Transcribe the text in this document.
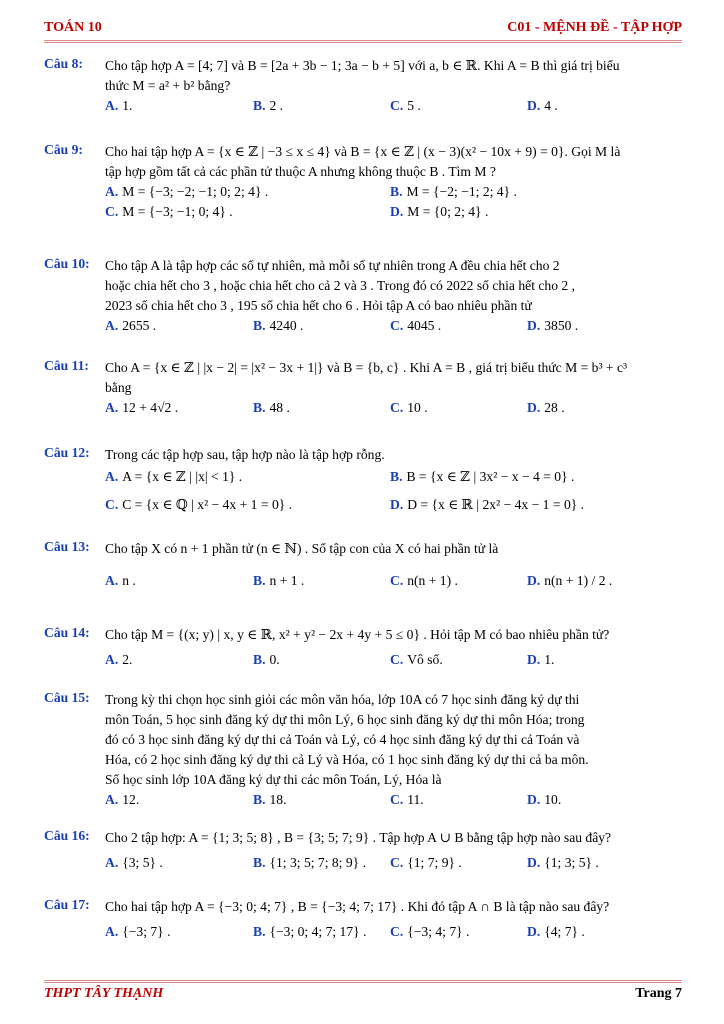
TOÁN 10	C01 - MỆNH ĐỀ - TẬP HỢP
Câu 8: Cho tập hợp A = [4; 7] và B = [2a + 3b − 1; 3a − b + 5] với a, b ∈ ℝ. Khi A = B thì giá trị biểu
thức M = a² + b² bằng?
A. 1.	B. 2 .	C. 5 .	D. 4 .
Câu 9: Cho hai tập hợp A = {x ∈ ℤ | −3 ≤ x ≤ 4} và B = {x ∈ ℤ | (x − 3)(x² − 10x + 9) = 0}. Gọi M là
tập hợp gồm tất cả các phần tử thuộc A nhưng không thuộc B . Tìm M ?
A. M = {−3; −2; −1; 0; 2; 4} .	B. M = {−2; −1; 2; 4} .
C. M = {−3; −1; 0; 4} .	D. M = {0; 2; 4} .
Câu 10: Cho tập A là tập hợp các số tự nhiên, mà mỗi số tự nhiên trong A đều chia hết cho 2
hoặc chia hết cho 3 , hoặc chia hết cho cả 2 và 3 . Trong đó có 2022 số chia hết cho 2 ,
2023 số chia hết cho 3 , 195 số chia hết cho 6 . Hỏi tập A có bao nhiêu phần tử
A. 2655 .	B. 4240 .	C. 4045 .	D. 3850 .
Câu 11: Cho A = {x ∈ ℤ | |x − 2| = |x² − 3x + 1|} và B = {b, c} . Khi A = B , giá trị biểu thức M = b³ + c³
bằng
A. 12 + 4√2 .	B. 48 .	C. 10 .	D. 28 .
Câu 12: Trong các tập hợp sau, tập hợp nào là tập hợp rỗng.
A. A = {x ∈ ℤ | |x| < 1} .	B. B = {x ∈ ℤ | 3x² − x − 4 = 0} .
C. C = {x ∈ ℚ | x² − 4x + 1 = 0} .	D. D = {x ∈ ℝ | 2x² − 4x − 1 = 0} .
Câu 13: Cho tập X có n + 1 phần tử (n ∈ ℕ) . Số tập con của X có hai phần tử là
A. n .	B. n + 1 .	C. n(n + 1) .	D. n(n + 1) / 2 .
Câu 14: Cho tập M = {(x; y) | x, y ∈ ℝ, x² + y² − 2x + 4y + 5 ≤ 0} . Hỏi tập M có bao nhiêu phần tử?
A. 2.	B. 0.	C. Vô số.	D. 1.
Câu 15: Trong kỳ thi chọn học sinh giỏi các môn văn hóa, lớp 10A có 7 học sinh đăng ký dự thi
môn Toán, 5 học sinh đăng ký dự thi môn Lý, 6 học sinh đăng ký dự thi môn Hóa; trong
đó có 3 học sinh đăng ký dự thi cả Toán và Lý, có 4 học sinh đăng ký dự thi cả Toán và
Hóa, có 2 học sinh đăng ký dự thi cả Lý và Hóa, có 1 học sinh đăng ký dự thi cả ba môn.
Số học sinh lớp 10A đăng ký dự thi các môn Toán, Lý, Hóa là
A. 12.	B. 18.	C. 11.	D. 10.
Câu 16: Cho 2 tập hợp: A = {1; 3; 5; 8} , B = {3; 5; 7; 9} . Tập hợp A ∪ B bằng tập hợp nào sau đây?
A. {3; 5} .	B. {1; 3; 5; 7; 8; 9} . C. {1; 7; 9} .	D. {1; 3; 5} .
Câu 17: Cho hai tập hợp A = {−3; 0; 4; 7} , B = {−3; 4; 7; 17} . Khi đó tập A ∩ B là tập nào sau đây?
A. {−3; 7} .	B. {−3; 0; 4; 7; 17} . C. {−3; 4; 7} .	D. {4; 7} .
THPT TÂY THẠNH	Trang 7
